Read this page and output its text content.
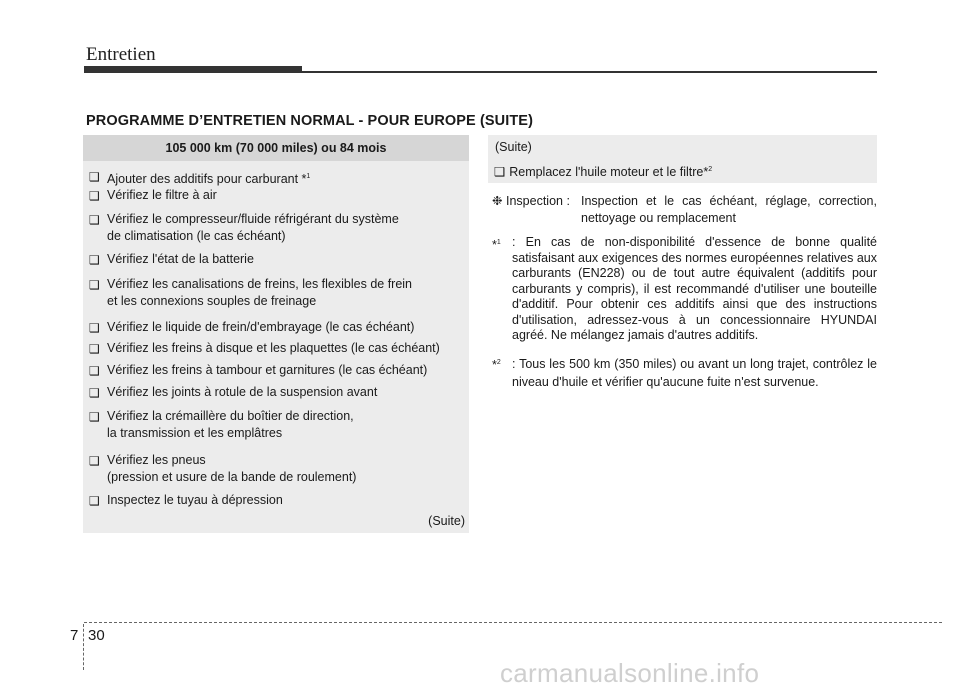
Entretien
PROGRAMME D’ENTRETIEN NORMAL - POUR EUROPE (SUITE)
105 000 km (70 000 miles) ou 84 mois
❑ Ajouter des additifs pour carburant *$^1$
❑ Vérifiez le filtre à air
❑ Vérifiez le compresseur/fluide réfrigérant du système
de climatisation (le cas échéant)
❑ Vérifiez l'état de la batterie
❑ Vérifiez les canalisations de freins, les flexibles de frein
et les connexions souples de freinage
❑ Vérifiez le liquide de frein/d'embrayage (le cas échéant)
❑ Vérifiez les freins à disque et les plaquettes (le cas échéant)
❑ Vérifiez les freins à tambour et garnitures (le cas échéant)
❑ Vérifiez les joints à rotule de la suspension avant
❑ Vérifiez la crémaillère du boîtier de direction,
la transmission et les emplâtres
❑ Vérifiez les pneus
(pression et usure de la bande de roulement)
❑ Inspectez le tuyau à dépression
(Suite)
(Suite)
❑ Remplacez l'huile moteur et le filtre*$^2$
❉ Inspection : Inspection et le cas échéant, réglage, correction, nettoyage ou remplacement
*$^1$ : En cas de non-disponibilité d'essence de bonne qualité satisfaisant aux exigences des normes européennes relatives aux carburants (EN228) ou de tout autre équivalent (additifs pour carburants y compris), il est recommandé d'utiliser une bouteille d'additif. Pour obtenir ces additifs ainsi que des instructions d'utilisation, adressez-vous à un concessionnaire HYUNDAI agréé. Ne mélangez jamais d'autres additifs.
*$^2$ : Tous les 500 km (350 miles) ou avant un long trajet, contrôlez le niveau d'huile et vérifier qu'aucune fuite n'est survenue.
7 30
carmanualsonline.info
